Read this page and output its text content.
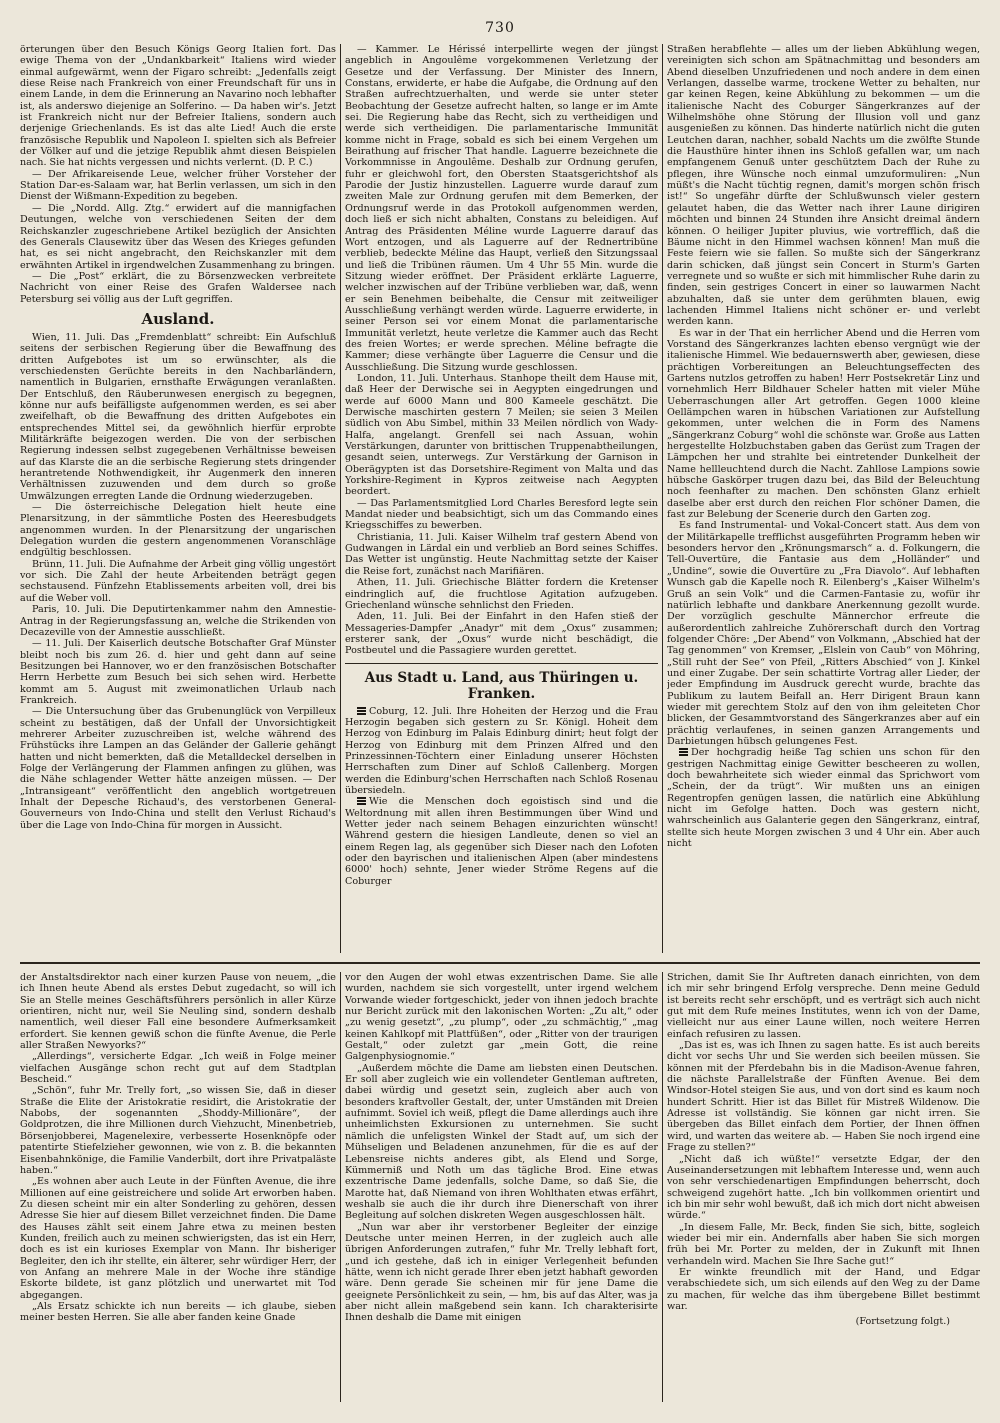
730

örterungen über den Besuch Königs Georg Italien fort. Das ewige Thema von der „Undankbarkeit“ Italiens wird wieder einmal aufgewärmt, wenn der Figaro schreibt: „Jedenfalls zeigt diese Reise nach Frankreich von einer Freundschaft für uns in einem Lande, in dem die Erinnerung an Navarino noch lebhafter ist, als anderswo diejenige an Solferino. — Da haben wir's. Jetzt ist Frankreich nicht nur der Befreier Italiens, sondern auch derjenige Griechenlands. Es ist das alte Lied! Auch die erste französische Republik und Napoleon I. spielten sich als Befreier der Völker auf und die jetzige Republik ahmt diesen Beispielen nach. Sie hat nichts vergessen und nichts verlernt. (D. P. C.)

— Der Afrikareisende Leue, welcher früher Vorsteher der Station Dar-es-Salaam war, hat Berlin verlassen, um sich in den Dienst der Wißmann-Expedition zu begeben.

— Die „Nordd. Allg. Ztg.“ erwidert auf die mannigfachen Deutungen, welche von verschiedenen Seiten der dem Reichskanzler zugeschriebene Artikel bezüglich der Ansichten des Generals Clausewitz über das Wesen des Krieges gefunden hat, es sei nicht angebracht, den Reichskanzler mit dem erwähnten Artikel in irgendwelchen Zusammenhang zu bringen.

— Die „Post“ erklärt, die zu Börsenzwecken verbreitete Nachricht von einer Reise des Grafen Waldersee nach Petersburg sei völlig aus der Luft gegriffen.

Ausland.

Wien, 11. Juli. Das „Fremdenblatt“ schreibt: Ein Aufschluß seitens der serbischen Regierung über die Bewaffnung des dritten Aufgebotes ist um so erwünschter, als die verschiedensten Gerüchte bereits in den Nachbarländern, namentlich in Bulgarien, ernsthafte Erwägungen veranlaßten. Der Entschluß, den Räuberunwesen energisch zu begegnen, könne nur aufs beifälligste aufgenommen werden, es sei aber zweifelhaft, ob die Bewaffnung des dritten Aufgebotes ein entsprechendes Mittel sei, da gewöhnlich hierfür erprobte Militärkräfte beigezogen werden. Die von der serbischen Regierung indessen selbst zugegebenen Verhältnisse beweisen auf das Klarste die an die serbische Regierung stets dringender herantretende Nothwendigkeit, ihr Augenmerk den inneren Verhältnissen zuzuwenden und dem durch so große Umwälzungen erregten Lande die Ordnung wiederzugeben.

— Die österreichische Delegation hielt heute eine Plenarsitzung, in der sämmtliche Posten des Heeresbudgets angenommen wurden. In der Plenarsitzung der ungarischen Delegation wurden die gestern angenommenen Voranschläge endgültig beschlossen.

Brünn, 11. Juli. Die Aufnahme der Arbeit ging völlig ungestört vor sich. Die Zahl der heute Arbeitenden beträgt gegen sechstausend. Fünfzehn Etablissements arbeiten voll, drei bis auf die Weber voll.

Paris, 10. Juli. Die Deputirtenkammer nahm den Amnestie-Antrag in der Regierungsfassung an, welche die Strikenden von Decazeville von der Amnestie ausschließt.

— 11. Juli. Der Kaiserlich deutsche Botschafter Graf Münster bleibt noch bis zum 26. d. hier und geht dann auf seine Besitzungen bei Hannover, wo er den französischen Botschafter Herrn Herbette zum Besuch bei sich sehen wird. Herbette kommt am 5. August mit zweimonatlichen Urlaub nach Frankreich.

— Die Untersuchung über das Grubenunglück von Verpilleux scheint zu bestätigen, daß der Unfall der Unvorsichtigkeit mehrerer Arbeiter zuzuschreiben ist, welche während des Frühstücks ihre Lampen an das Geländer der Gallerie gehängt hatten und nicht bemerkten, daß die Metalldeckel derselben in Folge der Verlängerung der Flammen anfingen zu glühen, was die Nähe schlagender Wetter hätte anzeigen müssen. — Der „Intransigeant“ veröffentlicht den angeblich wortgetreuen Inhalt der Depesche Richaud's, des verstorbenen General-Gouverneurs von Indo-China und stellt den Verlust Richaud's über die Lage von Indo-China für morgen in Aussicht.

— Kammer. Le Hérissé interpellirte wegen der jüngst angeblich in Angoulême vorgekommenen Verletzung der Gesetze und der Verfassung. Der Minister des Innern, Constans, erwiderte, er habe die Aufgabe, die Ordnung auf den Straßen aufrechtzuerhalten, und werde sie unter steter Beobachtung der Gesetze aufrecht halten, so lange er im Amte sei. Die Regierung habe das Recht, sich zu vertheidigen und werde sich vertheidigen. Die parlamentarische Immunität komme nicht in Frage, sobald es sich bei einem Vergehen um Beirathung auf frischer That handle. Laguerre bezeichnete die Vorkommnisse in Angoulême. Deshalb zur Ordnung gerufen, fuhr er gleichwohl fort, den Obersten Staatsgerichtshof als Parodie der Justiz hinzustellen. Laguerre wurde darauf zum zweiten Male zur Ordnung gerufen mit dem Bemerken, der Ordnungsruf werde in das Protokoll aufgenommen werden, doch ließ er sich nicht abhalten, Constans zu beleidigen. Auf Antrag des Präsidenten Méline wurde Laguerre darauf das Wort entzogen, und als Laguerre auf der Rednertribüne verblieb, bedeckte Méline das Haupt, verließ den Sitzungssaal und ließ die Tribünen räumen. Um 4 Uhr 55 Min. wurde die Sitzung wieder eröffnet. Der Präsident erklärte Laguerre, welcher inzwischen auf der Tribüne verblieben war, daß, wenn er sein Benehmen beibehalte, die Censur mit zeitweiliger Ausschließung verhängt werden würde. Laguerre erwiderte, in seiner Person sei vor einem Monat die parlamentarische Immunität verletzt, heute verletze die Kammer auch das Recht des freien Wortes; er werde sprechen. Méline befragte die Kammer; diese verhängte über Laguerre die Censur und die Ausschließung. Die Sitzung wurde geschlossen.

London, 11. Juli. Unterhaus. Stanhope theilt dem Hause mit, daß Heer der Derwische sei in Aegypten eingedrungen und werde auf 6000 Mann und 800 Kameele geschätzt. Die Derwische maschirten gestern 7 Meilen; sie seien 3 Meilen südlich von Abu Simbel, mithin 33 Meilen nördlich von Wady-Halfa, angelangt. Grenfell sei nach Assuan, wohin Verstärkungen, darunter von brittischen Truppenabtheilungen, gesandt seien, unterwegs. Zur Verstärkung der Garnison in Oberägypten ist das Dorsetshire-Regiment von Malta und das Yorkshire-Regiment in Kypros zeitweise nach Aegypten beordert.

— Das Parlamentsmitglied Lord Charles Beresford legte sein Mandat nieder und beabsichtigt, sich um das Commando eines Kriegsschiffes zu bewerben.

Christiania, 11. Juli. Kaiser Wilhelm traf gestern Abend von Gudwangen in Lärdal ein und verblieb an Bord seines Schiffes. Das Wetter ist ungünstig. Heute Nachmittag setzte der Kaiser die Reise fort, zunächst nach Marifiären.

Athen, 11. Juli. Griechische Blätter fordern die Kretenser eindringlich auf, die fruchtlose Agitation aufzugeben. Griechenland wünsche sehnlichst den Frieden.

Aden, 11. Juli. Bei der Einfahrt in den Hafen stieß der Messageries-Dampfer „Anadyr“ mit dem „Oxus“ zusammen; ersterer sank, der „Oxus“ wurde nicht beschädigt, die Postbeutel und die Passagiere wurden gerettet.

Aus Stadt u. Land, aus Thüringen u. Franken.

Coburg, 12. Juli. Ihre Hoheiten der Herzog und die Frau Herzogin begaben sich gestern zu Sr. Königl. Hoheit dem Herzog von Edinburg im Palais Edinburg dinirt; heut folgt der Herzog von Edinburg mit dem Prinzen Alfred und den Prinzessinnen-Töchtern einer Einladung unserer Höchsten Herrschaften zum Diner auf Schloß Callenberg. Morgen werden die Edinburg'schen Herrschaften nach Schloß Rosenau übersiedeln.

Wie die Menschen doch egoistisch sind und die Weltordnung mit allen ihren Bestimmungen über Wind und Wetter jeder nach seinem Behagen einzurichten wünscht! Während gestern die hiesigen Landleute, denen so viel an einem Regen lag, als gegenüber sich Dieser nach den Lofoten oder den bayrischen und italienischen Alpen (aber mindestens 6000' hoch) sehnte, Jener wieder Ströme Regens auf die Coburger

Straßen herabflehte — alles um der lieben Abkühlung wegen, vereinigten sich schon am Spätnachmittag und besonders am Abend dieselben Unzufriedenen und noch andere in dem einen Verlangen, dasselbe warme, trockene Wetter zu behalten, nur gar keinen Regen, keine Abkühlung zu bekommen — um die italienische Nacht des Coburger Sängerkranzes auf der Wilhelmshöhe ohne Störung der Illusion voll und ganz ausgenießen zu können. Das hinderte natürlich nicht die guten Leutchen daran, nachher, sobald Nachts um die zwölfte Stunde die Hausthüre hinter ihnen ins Schloß gefallen war, um nach empfangenem Genuß unter geschütztem Dach der Ruhe zu pflegen, ihre Wünsche noch einmal umzuformuliren: „Nun müßt's die Nacht tüchtig regnen, damit's morgen schön frisch ist!“ So ungefähr dürfte der Schlußwunsch vieler gestern gelautet haben, die das Wetter nach ihrer Laune dirigiren möchten und binnen 24 Stunden ihre Ansicht dreimal ändern können. O heiliger Jupiter pluvius, wie vortrefflich, daß die Bäume nicht in den Himmel wachsen können! Man muß die Feste feiern wie sie fallen. So mußte sich der Sängerkranz darin schicken, daß jüngst sein Concert in Sturm's Garten verregnete und so wußte er sich mit himmlischer Ruhe darin zu finden, sein gestriges Concert in einer so lauwarmen Nacht abzuhalten, daß sie unter dem gerühmten blauen, ewig lachenden Himmel Italiens nicht schöner er- und verlebt werden kann.

Es war in der That ein herrlicher Abend und die Herren vom Vorstand des Sängerkranzes lachten ebenso vergnügt wie der italienische Himmel. Wie bedauernswerth aber, gewiesen, diese prächtigen Vorbereitungen an Beleuchtungseffecten des Gartens nutzlos getroffen zu haben! Herr Postsekretär Linz und vornehmlich Herr Bildhauer Scheler hatten mit vieler Mühe Ueberraschungen aller Art getroffen. Gegen 1000 kleine Oellämpchen waren in hübschen Variationen zur Aufstellung gekommen, unter welchen die in Form des Namens „Sängerkranz Coburg“ wohl die schönste war. Große aus Latten hergestellte Holzbuchstaben gaben das Gerüst zum Tragen der Lämpchen her und strahlte bei eintretender Dunkelheit der Name hellleuchtend durch die Nacht. Zahllose Lampions sowie hübsche Gaskörper trugen dazu bei, das Bild der Beleuchtung noch feenhafter zu machen. Den schönsten Glanz erhielt daselbe aber erst durch den reichen Flor schöner Damen, die fast zur Belebung der Scenerie durch den Garten zog.

Es fand Instrumental- und Vokal-Concert statt. Aus dem von der Militärkapelle trefflichst ausgeführten Programm heben wir besonders hervor den „Krönungsmarsch“ a. d. Folkungern, die Tell-Ouvertüre, die Fantasie aus dem „Holländer“ und „Undine“, sowie die Ouvertüre zu „Fra Diavolo“. Auf lebhaften Wunsch gab die Kapelle noch R. Eilenberg's „Kaiser Wilhelm's Gruß an sein Volk“ und die Carmen-Fantasie zu, wofür ihr natürlich lebhafte und dankbare Anerkennung gezollt wurde. Der vorzüglich geschulte Männerchor erfreute die außerordentlich zahlreiche Zuhörerschaft durch den Vortrag folgender Chöre: „Der Abend“ von Volkmann, „Abschied hat der Tag genommen“ von Kremser, „Elslein von Caub“ von Möhring, „Still ruht der See“ von Pfeil, „Ritters Abschied“ von J. Kinkel und einer Zugabe. Der sein schattirte Vortrag aller Lieder, der jeder Empfindung im Ausdruck gerecht wurde, brachte das Publikum zu lautem Beifall an. Herr Dirigent Braun kann wieder mit gerechtem Stolz auf den von ihm geleiteten Chor blicken, der Gesammtvorstand des Sängerkranzes aber auf ein prächtig verlaufenes, in seinen ganzen Arrangements und Darbietungen hübsch gelungenes Fest.

Der hochgradig heiße Tag schien uns schon für den gestrigen Nachmittag einige Gewitter bescheeren zu wollen, doch bewahrheitete sich wieder einmal das Sprichwort vom „Schein, der da trügt“. Wir mußten uns an einigen Regentropfen genügen lassen, die natürlich eine Abkühlung nicht im Gefolge hatten. Doch was gestern nicht, wahrscheinlich aus Galanterie gegen den Sängerkranz, eintraf, stellte sich heute Morgen zwischen 3 und 4 Uhr ein. Aber auch nicht

der Anstaltsdirektor nach einer kurzen Pause von neuem, „die ich Ihnen heute Abend als erstes Debut zugedacht, so will ich Sie an Stelle meines Geschäftsführers persönlich in aller Kürze orientiren, nicht nur, weil Sie Neuling sind, sondern deshalb namentlich, weil dieser Fall eine besondere Aufmerksamkeit erfordert. Sie kennen gewiß schon die fünfte Avenue, die Perle aller Straßen Newyorks?“

„Allerdings“, versicherte Edgar. „Ich weiß in Folge meiner vielfachen Ausgänge schon recht gut auf dem Stadtplan Bescheid.“

„Schön“, fuhr Mr. Trelly fort, „so wissen Sie, daß in dieser Straße die Elite der Aristokratie residirt, die Aristokratie der Nabobs, der sogenannten „Shoddy-Millionäre“, der Goldprotzen, die ihre Millionen durch Viehzucht, Minenbetrieb, Börsenjobberei, Magenelexire, verbesserte Hosenknöpfe oder patentirte Stiefelzieher gewonnen, wie von z. B. die bekannten Eisenbahnkönige, die Familie Vanderbilt, dort ihre Privatpaläste haben.“

„Es wohnen aber auch Leute in der Fünften Avenue, die ihre Millionen auf eine geistreichere und solide Art erworben haben. Zu diesen scheint mir ein alter Sonderling zu gehören, dessen Adresse Sie hier auf diesem Billet verzeichnet finden. Die Dame des Hauses zählt seit einem Jahre etwa zu meinen besten Kunden, freilich auch zu meinen schwierigsten, das ist ein Herr, doch es ist ein kurioses Exemplar von Mann. Ihr bisheriger Begleiter, den ich ihr stellte, ein älterer, sehr würdiger Herr, der von Anfang an mehrere Male in der Woche ihre ständige Eskorte bildete, ist ganz plötzlich und unerwartet mit Tod abgegangen.

„Als Ersatz schickte ich nun bereits — ich glaube, sieben meiner besten Herren. Sie alle aber fanden keine Gnade

vor den Augen der wohl etwas exzentrischen Dame. Sie alle wurden, nachdem sie sich vorgestellt, unter irgend welchem Vorwande wieder fortgeschickt, jeder von ihnen jedoch brachte nur Bericht zurück mit den lakonischen Worten: „Zu alt,“ oder „zu wenig gesetzt“, „zu plump“, oder „zu schmächtig,“ „mag keinen Kahlkopf mit Plattfüßen“, oder „Ritter von der traurigen Gestalt,“ oder zuletzt gar „mein Gott, die reine Galgenphysiognomie.“

„Außerdem möchte die Dame am liebsten einen Deutschen. Er soll aber zugleich wie ein vollendeter Gentleman auftreten, dabei würdig und gesetzt sein, zugleich aber auch von besonders kraftvoller Gestalt, der, unter Umständen mit Dreien aufnimmt. Soviel ich weiß, pflegt die Dame allerdings auch ihre unheimlichsten Exkursionen zu unternehmen. Sie sucht nämlich die unfeligsten Winkel der Stadt auf, um sich der Mühseligen und Beladenen anzunehmen, für die es auf der Lebensreise nichts anderes gibt, als Elend und Sorge, Kümmerniß und Noth um das tägliche Brod. Eine etwas exzentrische Dame jedenfalls, solche Dame, so daß Sie, die Marotte hat, daß Niemand von ihren Wohlthaten etwas erfährt, weshalb sie auch die ihr durch ihre Dienerschaft von ihrer Begleitung auf solchen diskreten Wegen ausgeschlossen hält.

„Nun war aber ihr verstorbener Begleiter der einzige Deutsche unter meinen Herren, in der zugleich auch alle übrigen Anforderungen zutrafen,“ fuhr Mr. Trelly lebhaft fort, „und ich gestehe, daß ich in einiger Verlegenheit befunden hätte, wenn ich nicht gerade Ihrer eben jetzt habhaft geworden wäre. Denn gerade Sie scheinen mir für jene Dame die geeignete Persönlichkeit zu sein, — hm, bis auf das Alter, was ja aber nicht allein maßgebend sein kann. Ich charakterisirte Ihnen deshalb die Dame mit einigen

Strichen, damit Sie Ihr Auftreten danach einrichten, von dem ich mir sehr bringend Erfolg verspreche. Denn meine Geduld ist bereits recht sehr erschöpft, und es verträgt sich auch nicht gut mit dem Rufe meines Institutes, wenn ich von der Dame, vielleicht nur aus einer Laune willen, noch weitere Herren einfach refusiren zu lassen.

„Das ist es, was ich Ihnen zu sagen hatte. Es ist auch bereits dicht vor sechs Uhr und Sie werden sich beeilen müssen. Sie können mit der Pferdebahn bis in die Madison-Avenue fahren, die nächste Parallelstraße der Fünften Avenue. Bei dem Windsor-Hotel steigen Sie aus, und von dort sind es kaum noch hundert Schritt. Hier ist das Billet für Mistreß Wildenow. Die Adresse ist vollständig. Sie können gar nicht irren. Sie übergeben das Billet einfach dem Portier, der Ihnen öffnen wird, und warten das weitere ab. — Haben Sie noch irgend eine Frage zu stellen?“

„Nicht daß ich wüßte!“ versetzte Edgar, der den Auseinandersetzungen mit lebhaftem Interesse und, wenn auch von sehr verschiedenartigen Empfindungen beherrscht, doch schweigend zugehört hatte. „Ich bin vollkommen orientirt und ich bin mir sehr wohl bewußt, daß ich mich dort nicht abweisen würde.“

„In diesem Falle, Mr. Beck, finden Sie sich, bitte, sogleich wieder bei mir ein. Andernfalls aber haben Sie sich morgen früh bei Mr. Porter zu melden, der in Zukunft mit Ihnen verhandeln wird. Machen Sie Ihre Sache gut!“

Er winkte freundlich mit der Hand, und Edgar verabschiedete sich, um sich eilends auf den Weg zu der Dame zu machen, für welche das ihm übergebene Billet bestimmt war.

(Fortsetzung folgt.)
